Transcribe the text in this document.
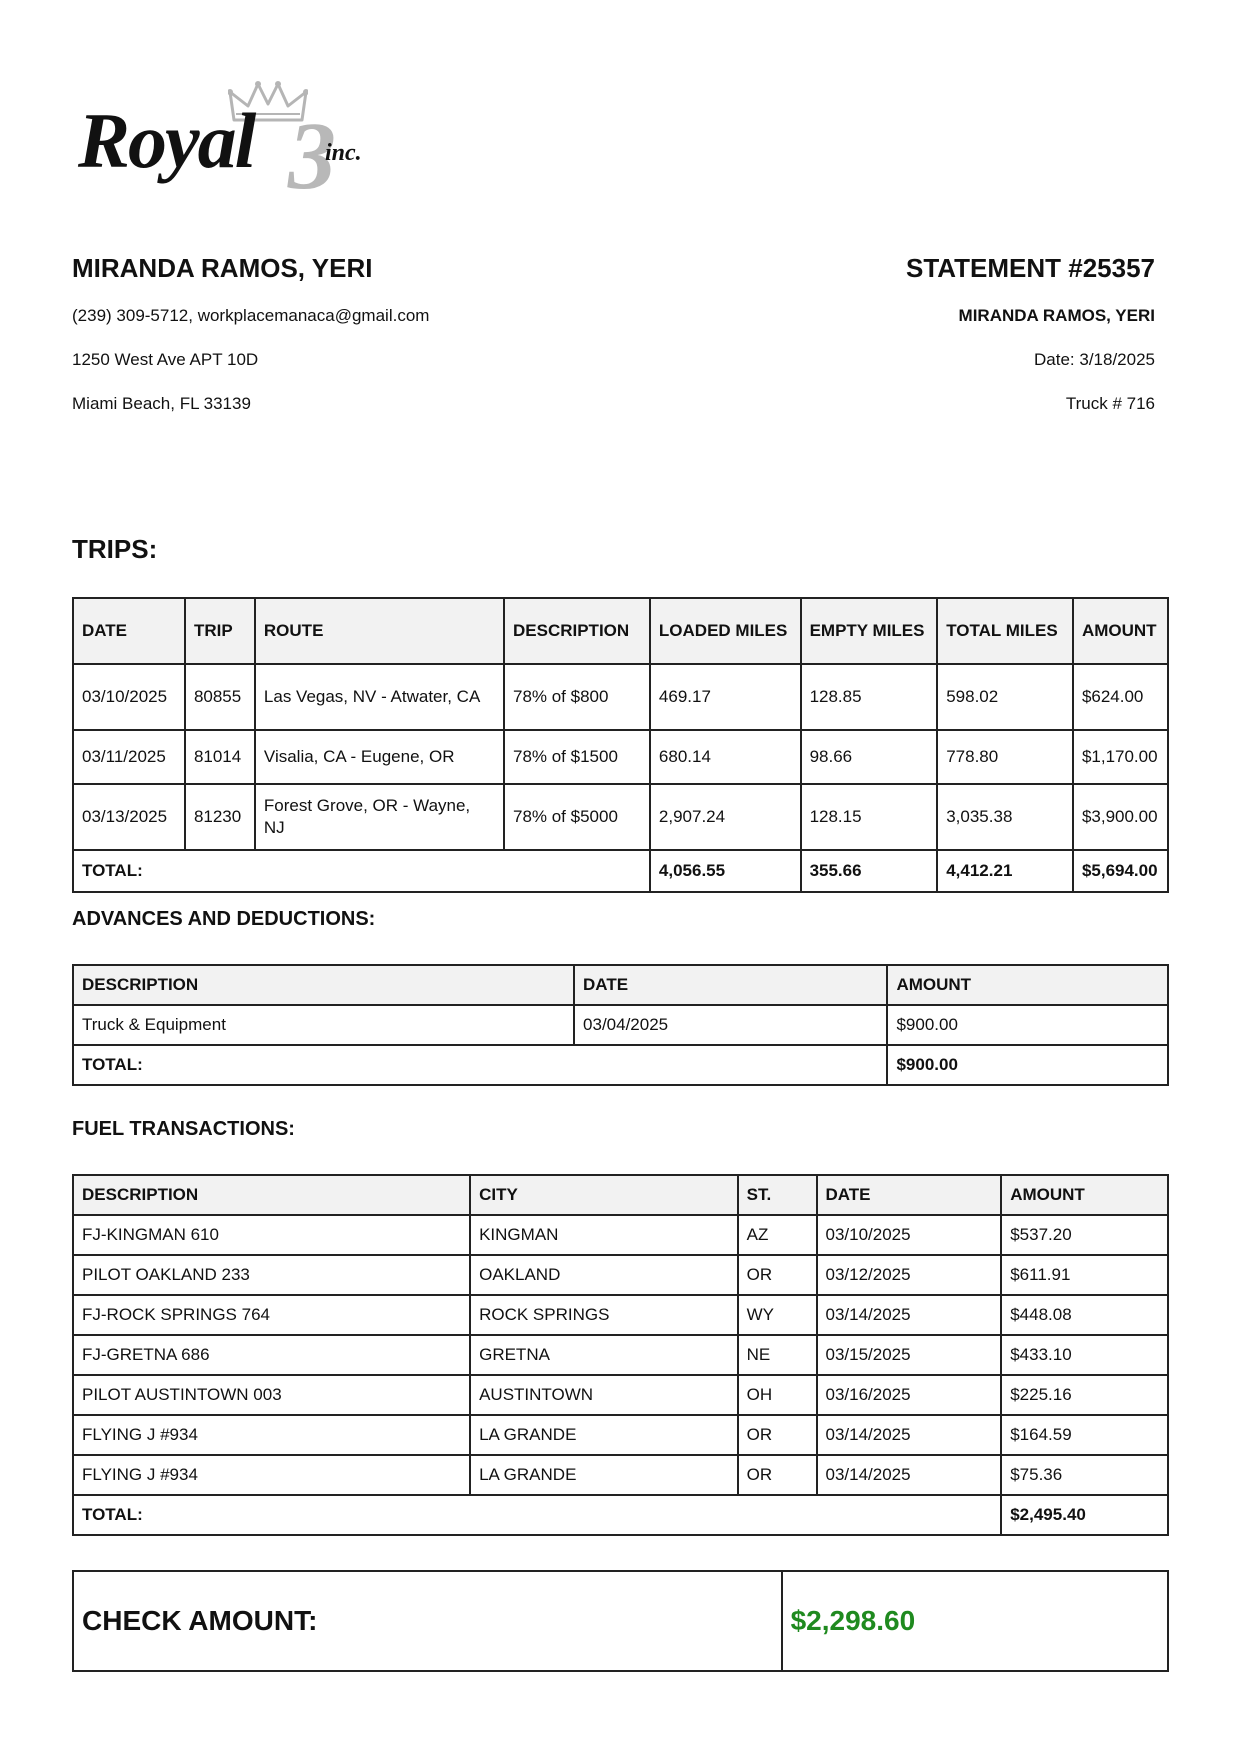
3
Royal	inc.

MIRANDA RAMOS, YERI

(239) 309-5712, workplacemanaca@gmail.com

1250 West Ave APT 10D

Miami Beach, FL 33139

STATEMENT #25357

MIRANDA RAMOS, YERI

Date: 3/18/2025

Truck # 716

TRIPS:
DATE	TRIP	ROUTE	DESCRIPTION	LOADED MILES	EMPTY MILES	TOTAL MILES	AMOUNT
03/10/2025	80855	Las Vegas, NV - Atwater, CA	78% of $800	469.17	128.85	598.02	$624.00
03/11/2025	81014	Visalia, CA - Eugene, OR	78% of $1500	680.14	98.66	778.80	$1,170.00
03/13/2025	81230	Forest Grove, OR - Wayne, NJ	78% of $5000	2,907.24	128.15	3,035.38	$3,900.00
TOTAL:				4,056.55	355.66	4,412.21	$5,694.00
ADVANCES AND DEDUCTIONS:
DESCRIPTION	DATE	AMOUNT
Truck & Equipment	03/04/2025	$900.00
TOTAL:		$900.00
FUEL TRANSACTIONS:
DESCRIPTION	CITY	ST.	DATE	AMOUNT
FJ-KINGMAN 610	KINGMAN	AZ	03/10/2025	$537.20
PILOT OAKLAND 233	OAKLAND	OR	03/12/2025	$611.91
FJ-ROCK SPRINGS 764	ROCK SPRINGS	WY	03/14/2025	$448.08
FJ-GRETNA 686	GRETNA	NE	03/15/2025	$433.10
PILOT AUSTINTOWN 003	AUSTINTOWN	OH	03/16/2025	$225.16
FLYING J #934	LA GRANDE	OR	03/14/2025	$164.59
FLYING J #934	LA GRANDE	OR	03/14/2025	$75.36
TOTAL:				$2,495.40
CHECK AMOUNT:	$2,298.60
